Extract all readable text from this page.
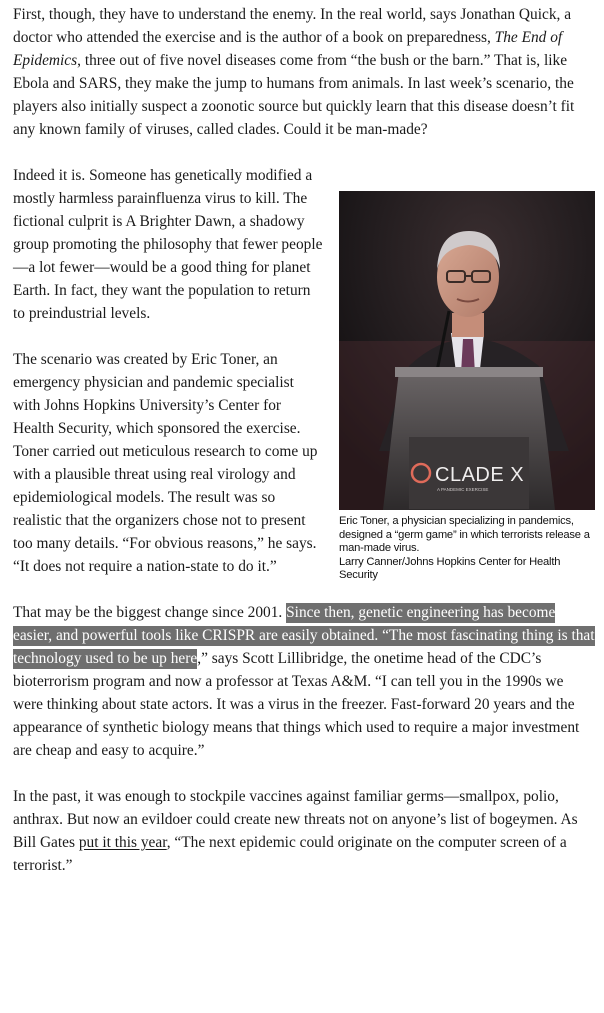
First, though, they have to understand the enemy. In the real world, says Jonathan Quick, a doctor who attended the exercise and is the author of a book on preparedness, The End of Epidemics, three out of five novel diseases come from “the bush or the barn.” That is, like Ebola and SARS, they make the jump to humans from animals. In last week’s scenario, the players also initially suspect a zoonotic source but quickly learn that this disease doesn’t fit any known family of viruses, called clades. Could it be man-made?

CLADE X
A PANDEMIC EXERCISE
Eric Toner, a physician specializing in pandemics, designed a “germ game” in which terrorists release a man-made virus.
Larry Canner/Johns Hopkins Center for Health Security

Indeed it is. Someone has genetically modified a mostly harmless parainfluenza virus to kill. The fictional culprit is A Brighter Dawn, a shadowy group promoting the philosophy that fewer people—a lot fewer—would be a good thing for planet Earth. In fact, they want the population to return to preindustrial levels.

The scenario was created by Eric Toner, an emergency physician and pandemic specialist with Johns Hopkins University’s Center for Health Security, which sponsored the exercise. Toner carried out meticulous research to come up with a plausible threat using real virology and epidemiological models. The result was so realistic that the organizers chose not to present too many details. “For obvious reasons,” he says. “It does not require a nation-state to do it.”

That may be the biggest change since 2001. Since then, genetic engineering has become easier, and powerful tools like CRISPR are easily obtained. “The most fascinating thing is that technology used to be up here,” says Scott Lillibridge, the onetime head of the CDC’s bioterrorism program and now a professor at Texas A&M. “I can tell you in the 1990s we were thinking about state actors. It was a virus in the freezer. Fast-forward 20 years and the appearance of synthetic biology means that things which used to require a major investment are cheap and easy to acquire.”

In the past, it was enough to stockpile vaccines against familiar germs—smallpox, polio, anthrax. But now an evildoer could create new threats not on anyone’s list of bogeymen. As Bill Gates put it this year, “The next epidemic could originate on the computer screen of a terrorist.”
